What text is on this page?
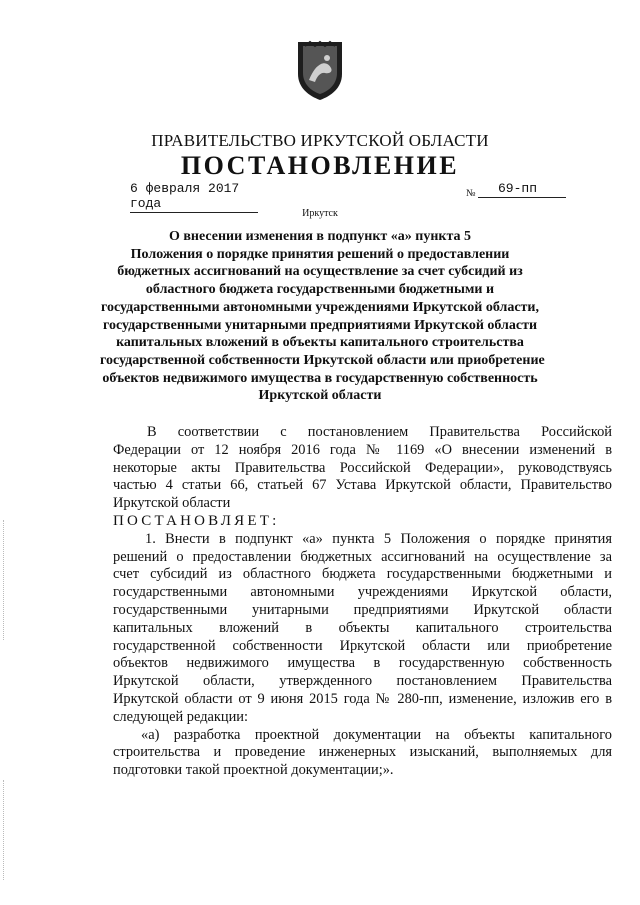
ПРАВИТЕЛЬСТВО ИРКУТСКОЙ ОБЛАСТИ
ПОСТАНОВЛЕНИЕ
6 февраля 2017 года
№	69-пп
Иркутск
О внесении изменения в подпункт «а» пункта 5
Положения о порядке принятия решений о предоставлении
бюджетных ассигнований на осуществление за счет субсидий из
областного бюджета государственными бюджетными и
государственными автономными учреждениями Иркутской области,
государственными унитарными предприятиями Иркутской области
капитальных вложений в объекты капитального строительства
государственной собственности Иркутской области или приобретение
объектов недвижимого имущества в государственную собственность
Иркутской области
В соответствии с постановлением Правительства Российской
Федерации от 12 ноября 2016 года № 1169 «О внесении изменений в
некоторые акты Правительства Российской Федерации», руководствуясь
частью 4 статьи 66, статьей 67 Устава Иркутской области, Правительство
Иркутской области
ПОСТАНОВЛЯЕТ:
1. Внести в подпункт «а» пункта 5 Положения о порядке принятия
решений о предоставлении бюджетных ассигнований на осуществление за
счет субсидий из областного бюджета государственными бюджетными и
государственными автономными учреждениями Иркутской области,
государственными унитарными предприятиями Иркутской области
капитальных вложений в объекты капитального строительства
государственной собственности Иркутской области или приобретение
объектов недвижимого имущества в государственную собственность
Иркутской области, утвержденного постановлением Правительства
Иркутской области от 9 июня 2015 года № 280-пп, изменение, изложив его в
следующей редакции:
«а) разработка проектной документации на объекты капитального
строительства и проведение инженерных изысканий, выполняемых для
подготовки такой проектной документации;».
